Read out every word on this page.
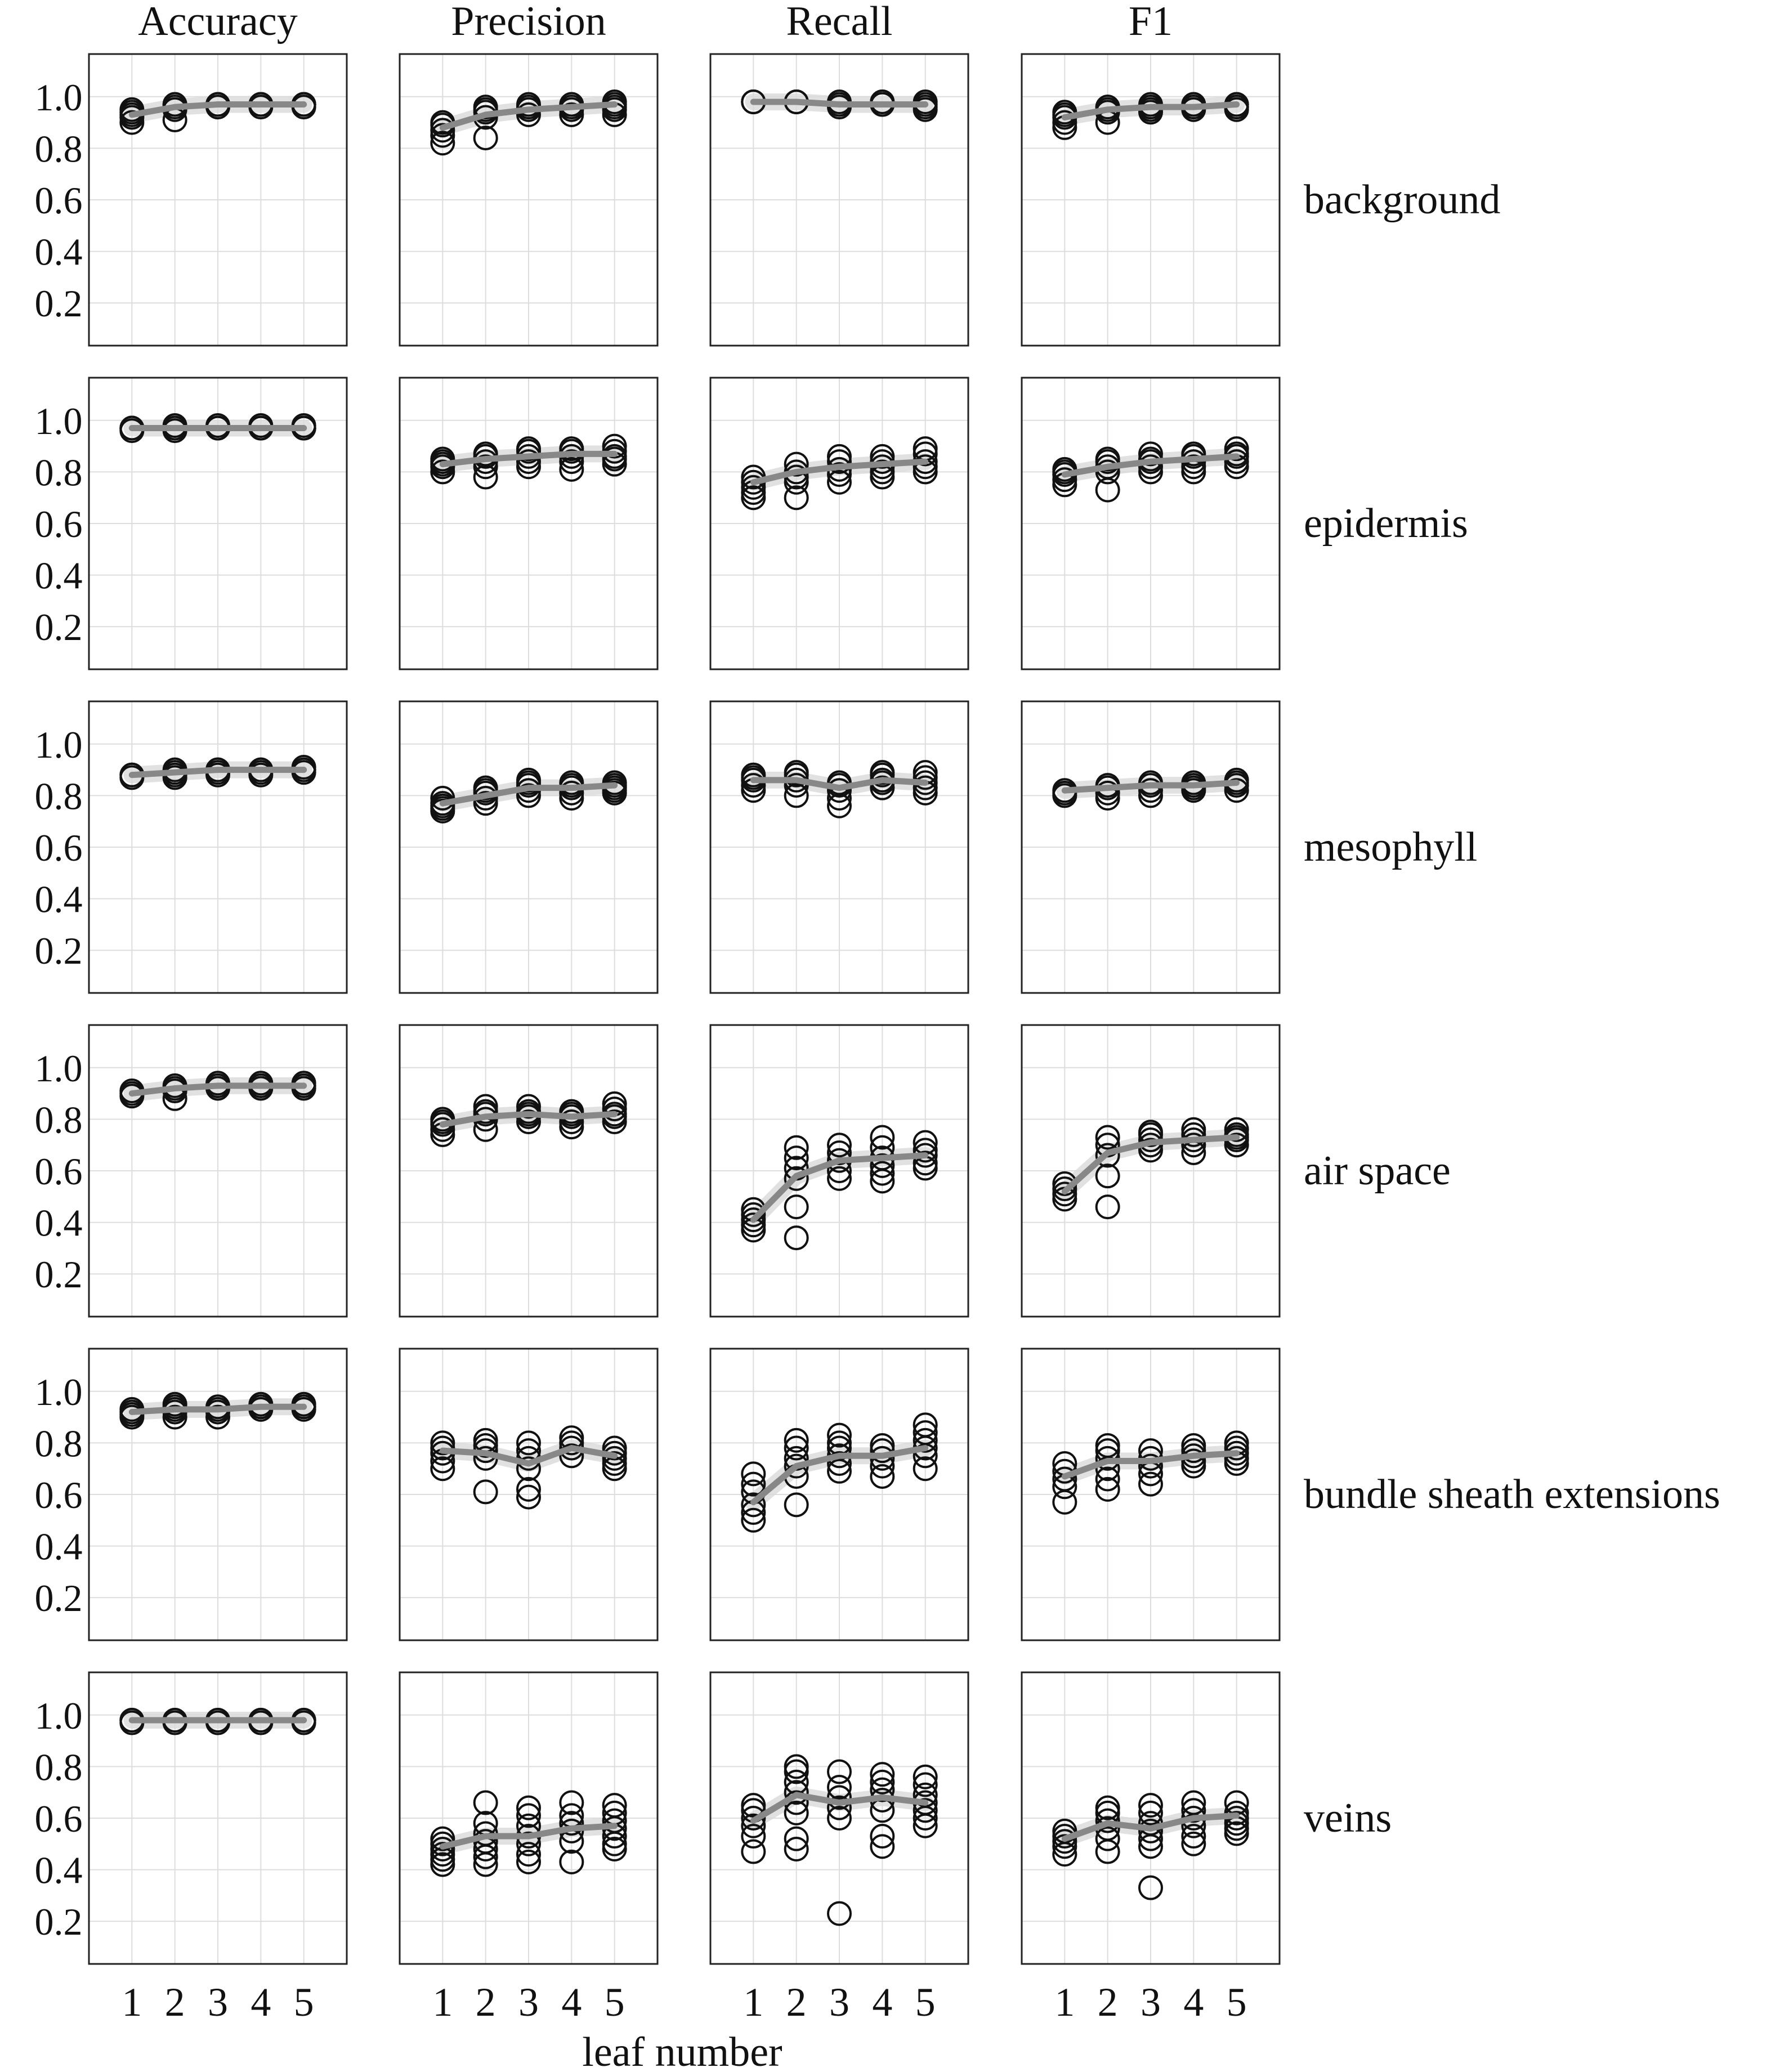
Accuracy	Precision	Recall	F1
0.2
0.4
0.6
0.8
1.0
background
0.2
0.4
0.6
0.8
1.0
epidermis
0.2
0.4
0.6
0.8
1.0
mesophyll
0.2
0.4
0.6
0.8
1.0
air space
0.2
0.4
0.6
0.8
1.0
bundle sheath extensions
0.2
0.4
0.6
0.8
1.0
veins
1 2 3 4 5	1 2 3 4 5	1 2 3 4 5	1 2 3 4 5
leaf number
